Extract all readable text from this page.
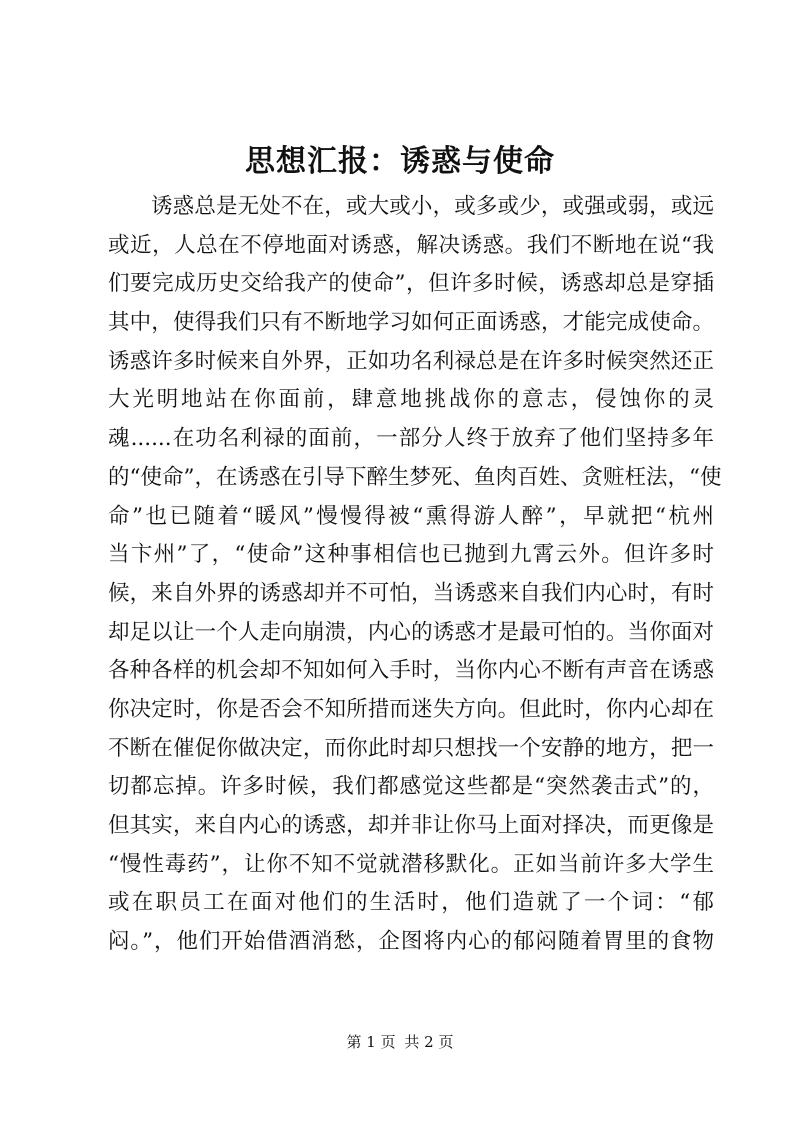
思想汇报：诱惑与使命
诱惑总是无处不在，或大或小，或多或少，或强或弱，或远
或近，人总在不停地面对诱惑，解决诱惑。我们不断地在说“我
们要完成历史交给我产的使命”，但许多时候，诱惑却总是穿插
其中，使得我们只有不断地学习如何正面诱惑，才能完成使命。
诱惑许多时候来自外界，正如功名利禄总是在许多时候突然还正
大光明地站在你面前，肆意地挑战你的意志，侵蚀你的灵
魂......在功名利禄的面前，一部分人终于放弃了他们坚持多年
的“使命”，在诱惑在引导下醉生梦死、鱼肉百姓、贪赃枉法，“使
命”也已随着“暖风”慢慢得被“熏得游人醉”，早就把“杭州
当卞州”了，“使命”这种事相信也已抛到九霄云外。但许多时
候，来自外界的诱惑却并不可怕，当诱惑来自我们内心时，有时
却足以让一个人走向崩溃，内心的诱惑才是最可怕的。当你面对
各种各样的机会却不知如何入手时，当你内心不断有声音在诱惑
你决定时，你是否会不知所措而迷失方向。但此时，你内心却在
不断在催促你做决定，而你此时却只想找一个安静的地方，把一
切都忘掉。许多时候，我们都感觉这些都是“突然袭击式”的，
但其实，来自内心的诱惑，却并非让你马上面对择决，而更像是
“慢性毒药”，让你不知不觉就潜移默化。正如当前许多大学生
或在职员工在面对他们的生活时，他们造就了一个词：“郁
闷。”，他们开始借酒消愁，企图将内心的郁闷随着胃里的食物
第 1 页 共 2 页
